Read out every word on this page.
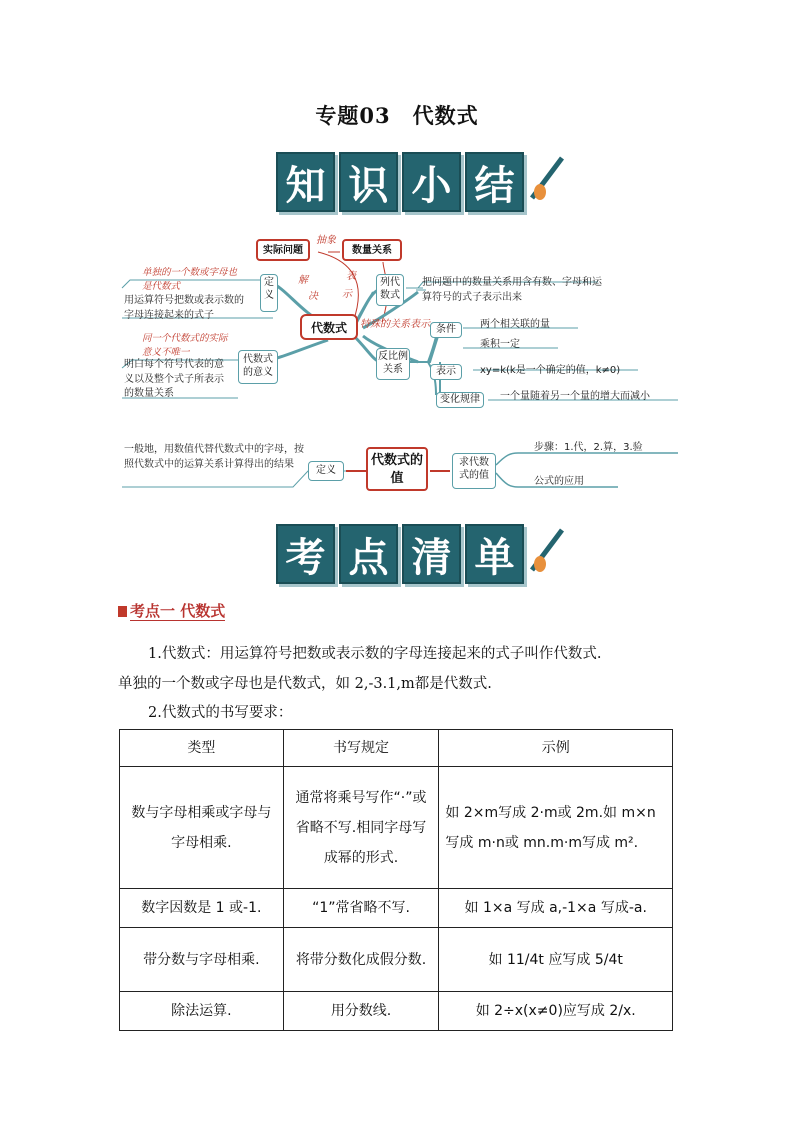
专题03　代数式
知 识 小 结
实际问题	数量关系
抽象
解
决
表
示
代数式	特殊的关系表示
定义
单独的一个数或字母也是代数式
用运算符号把数或表示数的字母连接起来的式子
代数式的意义
同一个代数式的实际意义不唯一
明白每个符号代表的意义以及整个式子所表示的数量关系
列代数式
把问题中的数量关系用含有数、字母和运算符号的式子表示出来
反比例关系
条件	两个相关联的量
乘积一定
表示	xy=k(k是一个确定的值，k≠0)
变化规律	一个量随着另一个量的增大而减小
一般地，用数值代替代数式中的字母，按照代数式中的运算关系计算得出的结果
定义
代数式的值
求代数式的值
步骤：1.代，2.算，3.验
公式的应用
考 点 清 单
考点一 代数式
1.代数式：用运算符号把数或表示数的字母连接起来的式子叫作代数式.
单独的一个数或字母也是代数式，如 2,-3.1,m都是代数式.
2.代数式的书写要求：
类型	书写规定	示例
数与字母相乘或字母与字母相乘.	通常将乘号写作“·”或省略不写.相同字母写成幂的形式.	如 2×m写成 2·m或 2m.如 m×n写成 m·n或 mn.m·m写成 m².
数字因数是 1 或-1.	“1”常省略不写.	如 1×a 写成 a,-1×a 写成-a.
带分数与字母相乘.	将带分数化成假分数.	如 11/4t 应写成 5/4t
除法运算.	用分数线.	如 2÷x(x≠0)应写成 2/x.
